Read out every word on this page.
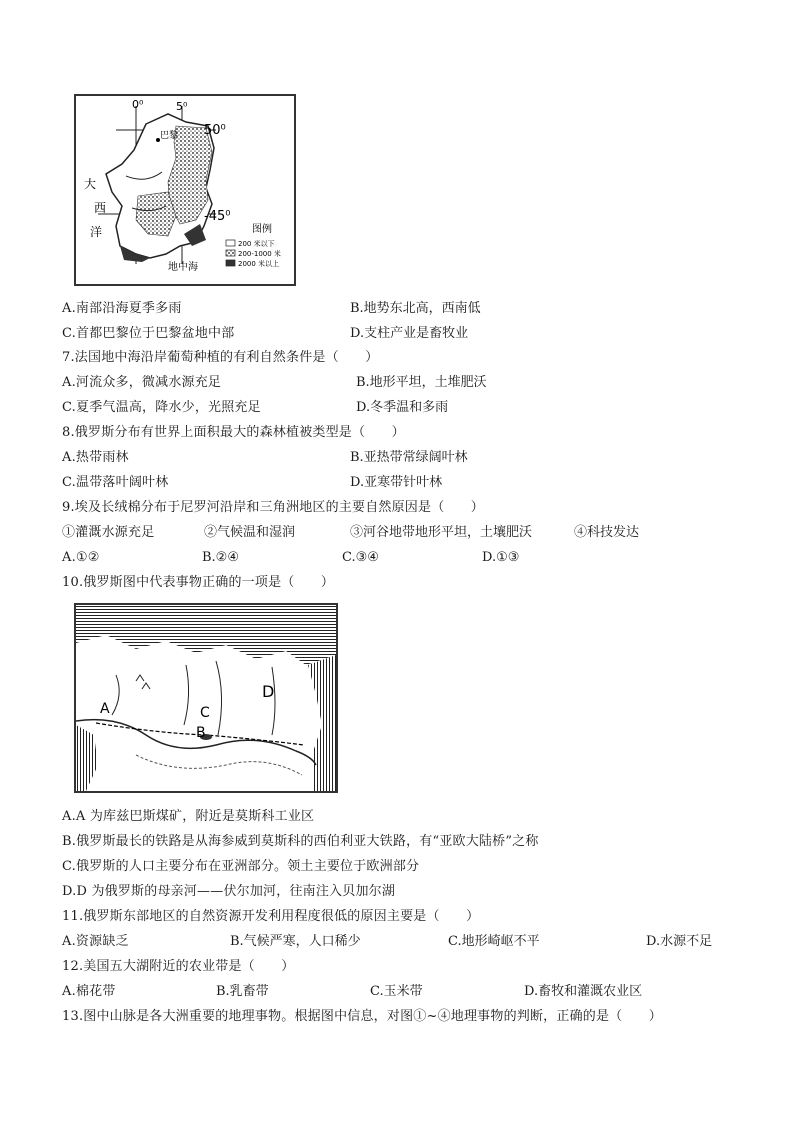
0⁰	5⁰
50⁰
-45⁰
巴黎
大
西
洋
地中海
图例
200 米以下
200-1000 米
2000 米以上
A.南部沿海夏季多雨	B.地势东北高，西南低
C.首都巴黎位于巴黎盆地中部	D.支柱产业是畜牧业
7.法国地中海沿岸葡萄种植的有利自然条件是（　　）
A.河流众多，微减水源充足	B.地形平坦，土堆肥沃
C.夏季气温高，降水少，光照充足	D.冬季温和多雨
8.俄罗斯分布有世界上面积最大的森林植被类型是（　　）
A.热带雨林	B.亚热带常绿阔叶林
C.温带落叶阔叶林	D.亚寒带针叶林
9.埃及长绒棉分布于尼罗河沿岸和三角洲地区的主要自然原因是（　　）
①灌溉水源充足	②气候温和湿润	③河谷地带地形平坦，土壤肥沃	④科技发达
A.①②	B.②④	C.③④	D.①③
10.俄罗斯图中代表事物正确的一项是（　　）
A
B
C
D
A.A 为库兹巴斯煤矿，附近是莫斯科工业区
B.俄罗斯最长的铁路是从海参威到莫斯科的西伯利亚大铁路，有“亚欧大陆桥”之称
C.俄罗斯的人口主要分布在亚洲部分。领土主要位于欧洲部分
D.D 为俄罗斯的母亲河——伏尔加河，往南注入贝加尔湖
11.俄罗斯东部地区的自然资源开发利用程度很低的原因主要是（　　）
A.资源缺乏	B.气候严寒，人口稀少	C.地形崎岖不平	D.水源不足
12.美国五大湖附近的农业带是（　　）
A.棉花带	B.乳畜带	C.玉米带	D.畜牧和灌溉农业区
13.图中山脉是各大洲重要的地理事物。根据图中信息，对图①~④地理事物的判断，正确的是（　　）
